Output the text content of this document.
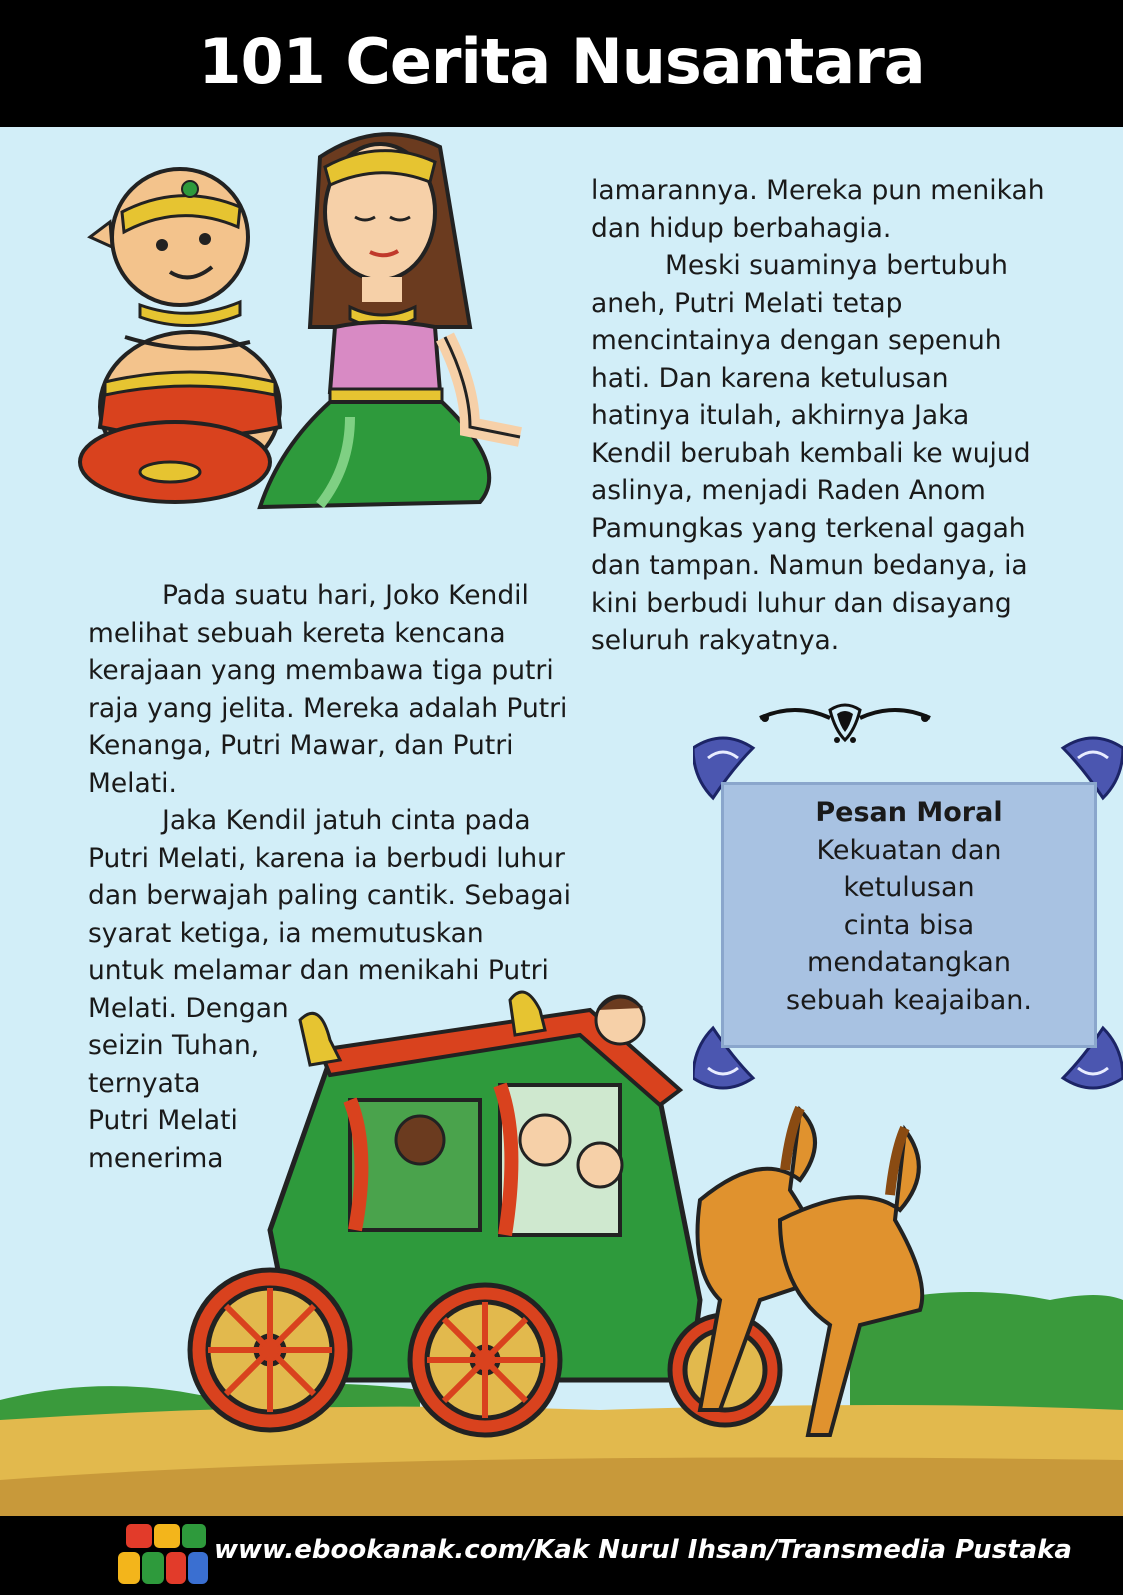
101 Cerita Nusantara
lamarannya. Mereka pun menikah
dan hidup berbahagia.
Meski suaminya bertubuh
aneh, Putri Melati tetap
mencintainya dengan sepenuh
hati. Dan karena ketulusan
hatinya itulah, akhirnya Jaka
Kendil berubah kembali ke wujud
aslinya, menjadi Raden Anom
Pamungkas yang terkenal gagah
dan tampan. Namun bedanya, ia
kini berbudi luhur dan disayang
seluruh rakyatnya.
Pada suatu hari, Joko Kendil
melihat sebuah kereta kencana
kerajaan yang membawa tiga putri
raja yang jelita. Mereka adalah Putri
Kenanga, Putri Mawar, dan Putri
Melati.
Jaka Kendil jatuh cinta pada
Putri Melati, karena ia berbudi luhur
dan berwajah paling cantik. Sebagai
syarat ketiga, ia memutuskan
untuk melamar dan menikahi Putri
Melati. Dengan
seizin Tuhan,
ternyata
Putri Melati
menerima
Pesan Moral
Kekuatan dan
ketulusan
cinta bisa
mendatangkan
sebuah keajaiban.
www.ebookanak.com/Kak Nurul Ihsan/Transmedia Pustaka
